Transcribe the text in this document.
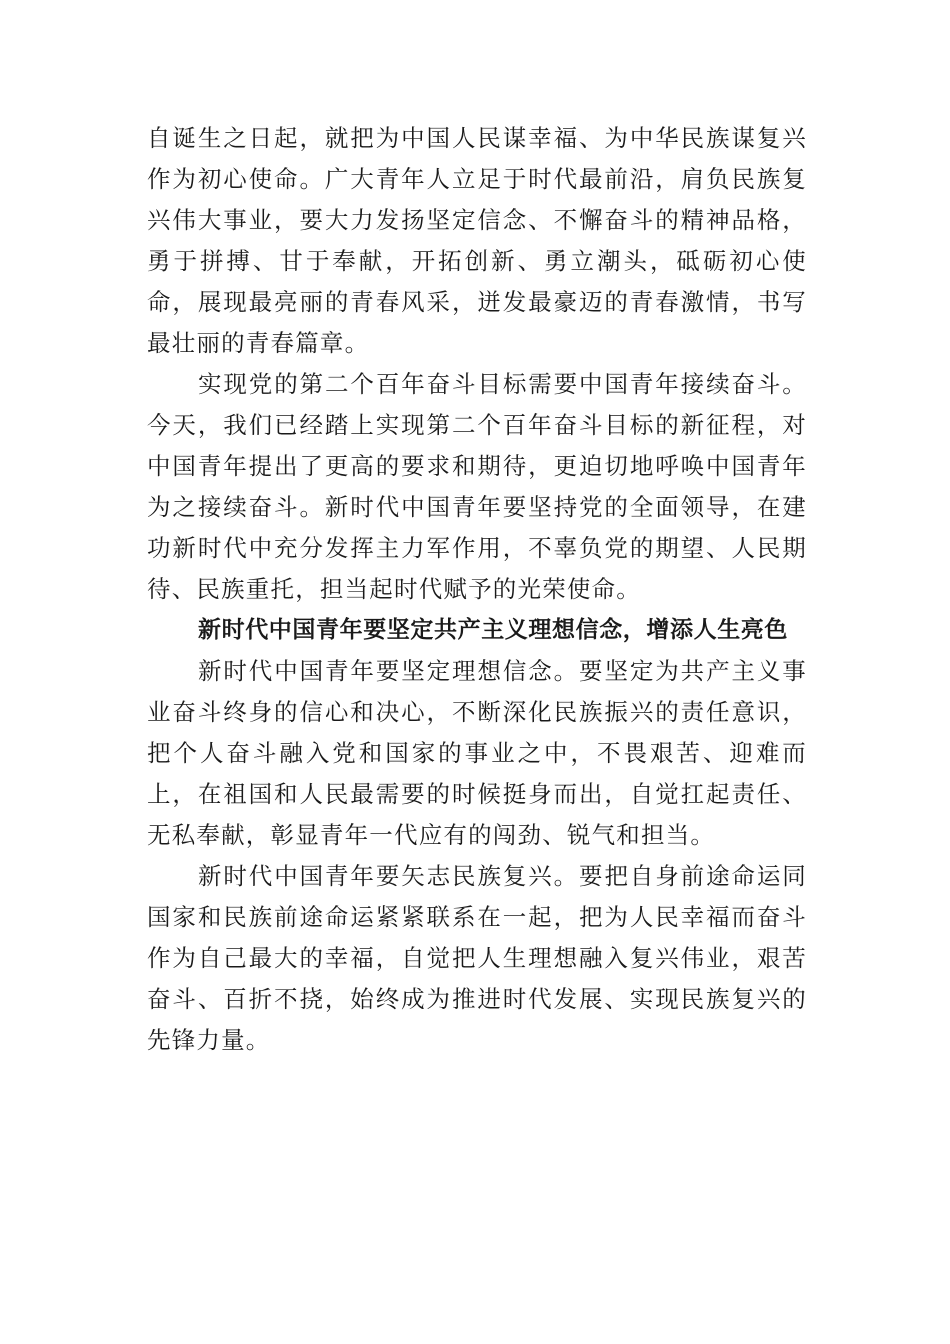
自诞生之日起，就把为中国人民谋幸福、为中华民族谋复兴作为初心使命。广大青年人立足于时代最前沿，肩负民族复兴伟大事业，要大力发扬坚定信念、不懈奋斗的精神品格，勇于拼搏、甘于奉献，开拓创新、勇立潮头，砥砺初心使命，展现最亮丽的青春风采，迸发最豪迈的青春激情，书写最壮丽的青春篇章。

实现党的第二个百年奋斗目标需要中国青年接续奋斗。今天，我们已经踏上实现第二个百年奋斗目标的新征程，对中国青年提出了更高的要求和期待，更迫切地呼唤中国青年为之接续奋斗。新时代中国青年要坚持党的全面领导，在建功新时代中充分发挥主力军作用，不辜负党的期望、人民期待、民族重托，担当起时代赋予的光荣使命。

新时代中国青年要坚定共产主义理想信念，增添人生亮色

新时代中国青年要坚定理想信念。要坚定为共产主义事业奋斗终身的信心和决心，不断深化民族振兴的责任意识，把个人奋斗融入党和国家的事业之中，不畏艰苦、迎难而上，在祖国和人民最需要的时候挺身而出，自觉扛起责任、无私奉献，彰显青年一代应有的闯劲、锐气和担当。

新时代中国青年要矢志民族复兴。要把自身前途命运同国家和民族前途命运紧紧联系在一起，把为人民幸福而奋斗作为自己最大的幸福，自觉把人生理想融入复兴伟业，艰苦奋斗、百折不挠，始终成为推进时代发展、实现民族复兴的先锋力量。
